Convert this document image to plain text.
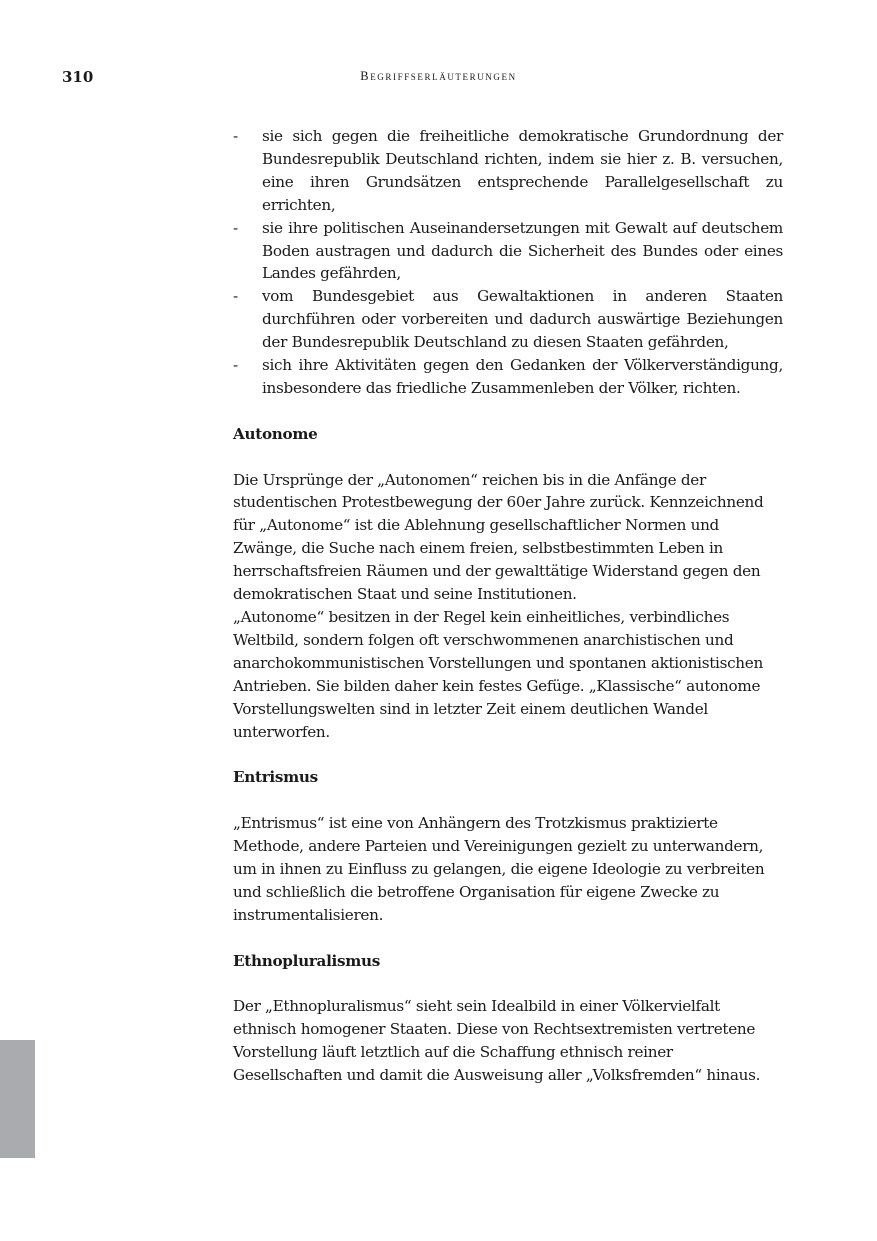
310	Begriffserläuterungen
- sie sich gegen die freiheitliche demokratische Grundordnung der Bundesrepublik Deutschland richten, indem sie hier z. B. versuchen, eine ihren Grundsätzen entsprechende Parallelgesellschaft zu errichten,
- sie ihre politischen Auseinandersetzungen mit Gewalt auf deutschem Boden austragen und dadurch die Sicherheit des Bundes oder eines Landes gefährden,
- vom Bundesgebiet aus Gewaltaktionen in anderen Staaten durchführen oder vorbereiten und dadurch auswärtige Beziehungen der Bundesrepublik Deutschland zu diesen Staaten gefährden,
- sich ihre Aktivitäten gegen den Gedanken der Völkerverständigung, insbesondere das friedliche Zusammenleben der Völker, richten.
Autonome

Die Ursprünge der „Autonomen“ reichen bis in die Anfänge der studentischen Protestbewegung der 60er Jahre zurück. Kennzeichnend für „Autonome“ ist die Ablehnung gesellschaftlicher Normen und Zwänge, die Suche nach einem freien, selbstbestimmten Leben in herrschaftsfreien Räumen und der gewalttätige Widerstand gegen den demokratischen Staat und seine Institutionen.

„Autonome“ besitzen in der Regel kein einheitliches, verbindliches Weltbild, sondern folgen oft verschwommenen anarchistischen und anarchokommunistischen Vorstellungen und spontanen aktionistischen Antrieben. Sie bilden daher kein festes Gefüge. „Klassische“ autonome Vorstellungswelten sind in letzter Zeit einem deutlichen Wandel unterworfen.

Entrismus

„Entrismus“ ist eine von Anhängern des Trotzkismus praktizierte Methode, andere Parteien und Vereinigungen gezielt zu unterwandern, um in ihnen zu Einfluss zu gelangen, die eigene Ideologie zu verbreiten und schließlich die betroffene Organisation für eigene Zwecke zu instrumentalisieren.

Ethnopluralismus

Der „Ethnopluralismus“ sieht sein Idealbild in einer Völkervielfalt ethnisch homogener Staaten. Diese von Rechtsextremisten vertretene Vorstellung läuft letztlich auf die Schaffung ethnisch reiner Gesellschaften und damit die Ausweisung aller „Volksfremden“ hinaus.
